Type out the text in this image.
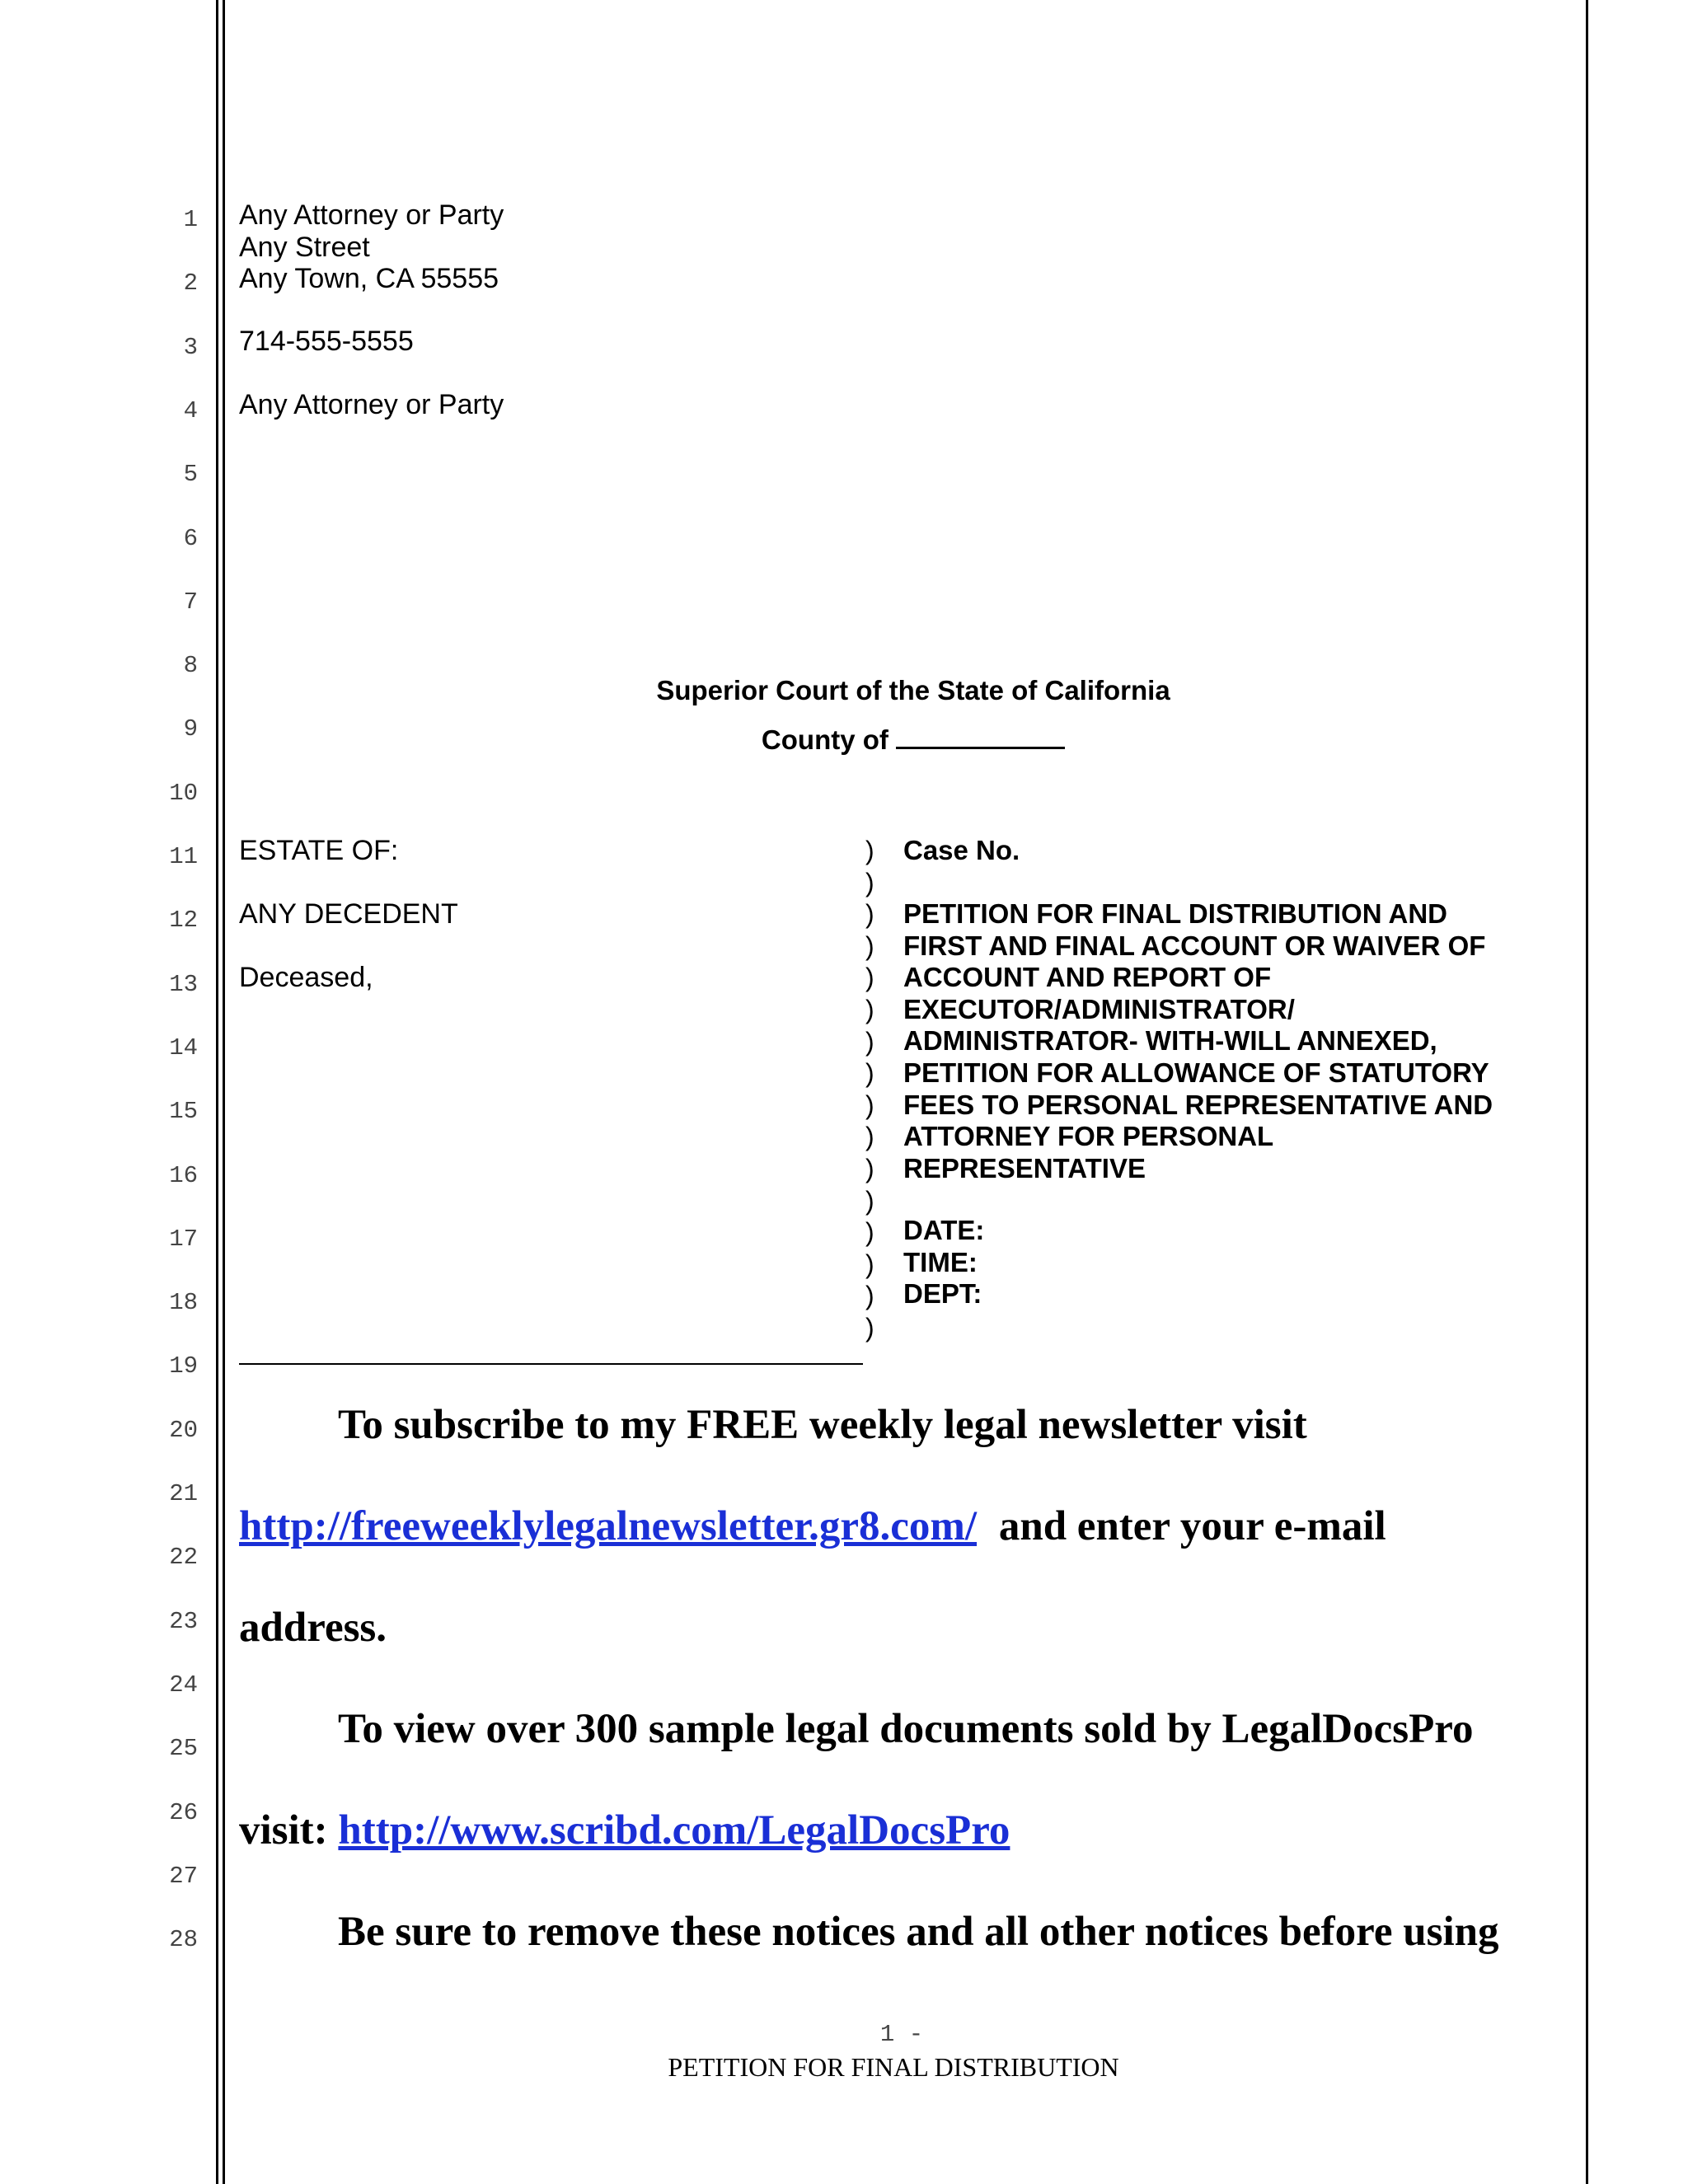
1
2
3
4
5
6
7
8
9
10
11
12
13
14
15
16
17
18
19
20
21
22
23
24
25
26
27
28
Any Attorney or Party
Any Street
Any Town, CA 55555
714-555-5555
Any Attorney or Party
Superior Court of the State of California
County of
ESTATE OF:
ANY DECEDENT
Deceased,
)
)
)
)
)
)
)
)
)
)
)
)
)
)
)
)
Case No.
PETITION FOR FINAL DISTRIBUTION AND
FIRST AND FINAL ACCOUNT OR WAIVER OF
ACCOUNT AND REPORT OF
EXECUTOR/ADMINISTRATOR/
ADMINISTRATOR- WITH-WILL ANNEXED,
PETITION FOR ALLOWANCE OF STATUTORY
FEES TO PERSONAL REPRESENTATIVE AND
ATTORNEY FOR PERSONAL
REPRESENTATIVE
DATE:
TIME:
DEPT:
To subscribe to my FREE weekly legal newsletter visit
http://freeweeklylegalnewsletter.gr8.com/ and enter your e-mail
address.
To view over 300 sample legal documents sold by LegalDocsPro
visit: http://www.scribd.com/LegalDocsPro
Be sure to remove these notices and all other notices before using
1 -
PETITION FOR FINAL DISTRIBUTION
